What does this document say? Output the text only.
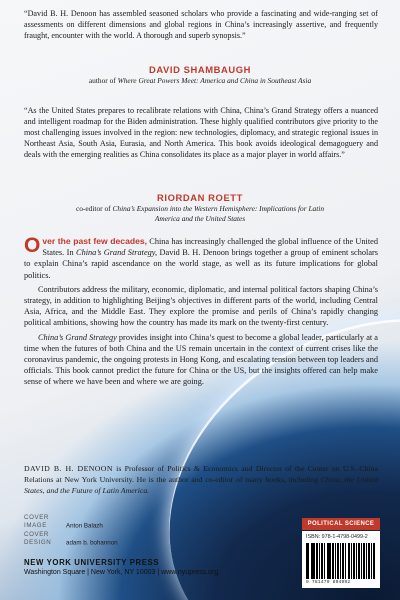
“David B. H. Denoon has assembled seasoned scholars who provide a fascinating and wide-ranging set of assessments on different dimensions and global regions in China’s increasingly assertive, and frequently fraught, encounter with the world. A thorough and superb synopsis.”
DAVID SHAMBAUGH
author of Where Great Powers Meet: America and China in Southeast Asia
“As the United States prepares to recalibrate relations with China, China’s Grand Strategy offers a nuanced and intelligent roadmap for the Biden administration. These highly qualified contributors give priority to the most challenging issues involved in the region: new technologies, diplomacy, and strategic regional issues in Northeast Asia, South Asia, Eurasia, and North America. This book avoids ideological demagoguery and deals with the emerging realities as China consolidates its place as a major player in world affairs.”
RIORDAN ROETT
co-editor of China’s Expansion into the Western Hemisphere: Implications for Latin America and the United States

Over the past few decades, China has increasingly challenged the global influence of the United States. In China’s Grand Strategy, David B. H. Denoon brings together a group of eminent scholars to explain China’s rapid ascendance on the world stage, as well as its future implications for global politics.

Contributors address the military, economic, diplomatic, and internal political factors shaping China’s strategy, in addition to highlighting Beijing’s objectives in different parts of the world, including Central Asia, Africa, and the Middle East. They explore the promise and perils of China’s rapidly changing political ambitions, showing how the country has made its mark on the twenty-first century.

China’s Grand Strategy provides insight into China’s quest to become a global leader, particularly at a time when the futures of both China and the US remain uncertain in the context of current crises like the coronavirus pandemic, the ongoing protests in Hong Kong, and escalating tension between top leaders and officials. This book cannot predict the future for China or the US, but the insights offered can help make sense of where we have been and where we are going.

DAVID B. H. DENOON is Professor of Politics & Economics and Director of the Center on U.S.-China Relations at New York University. He is the author and co-editor of many books, including China, the United States, and the Future of Latin America.
COVER IMAGE	Anton Balazh
COVER DESIGN adam b. bohannon
NEW YORK UNIVERSITY PRESS
Washington Square | New York, NY 10003 | www.nyupress.org
POLITICAL SCIENCE
ISBN: 978-1-4798-0499-2
9 781479 804992
